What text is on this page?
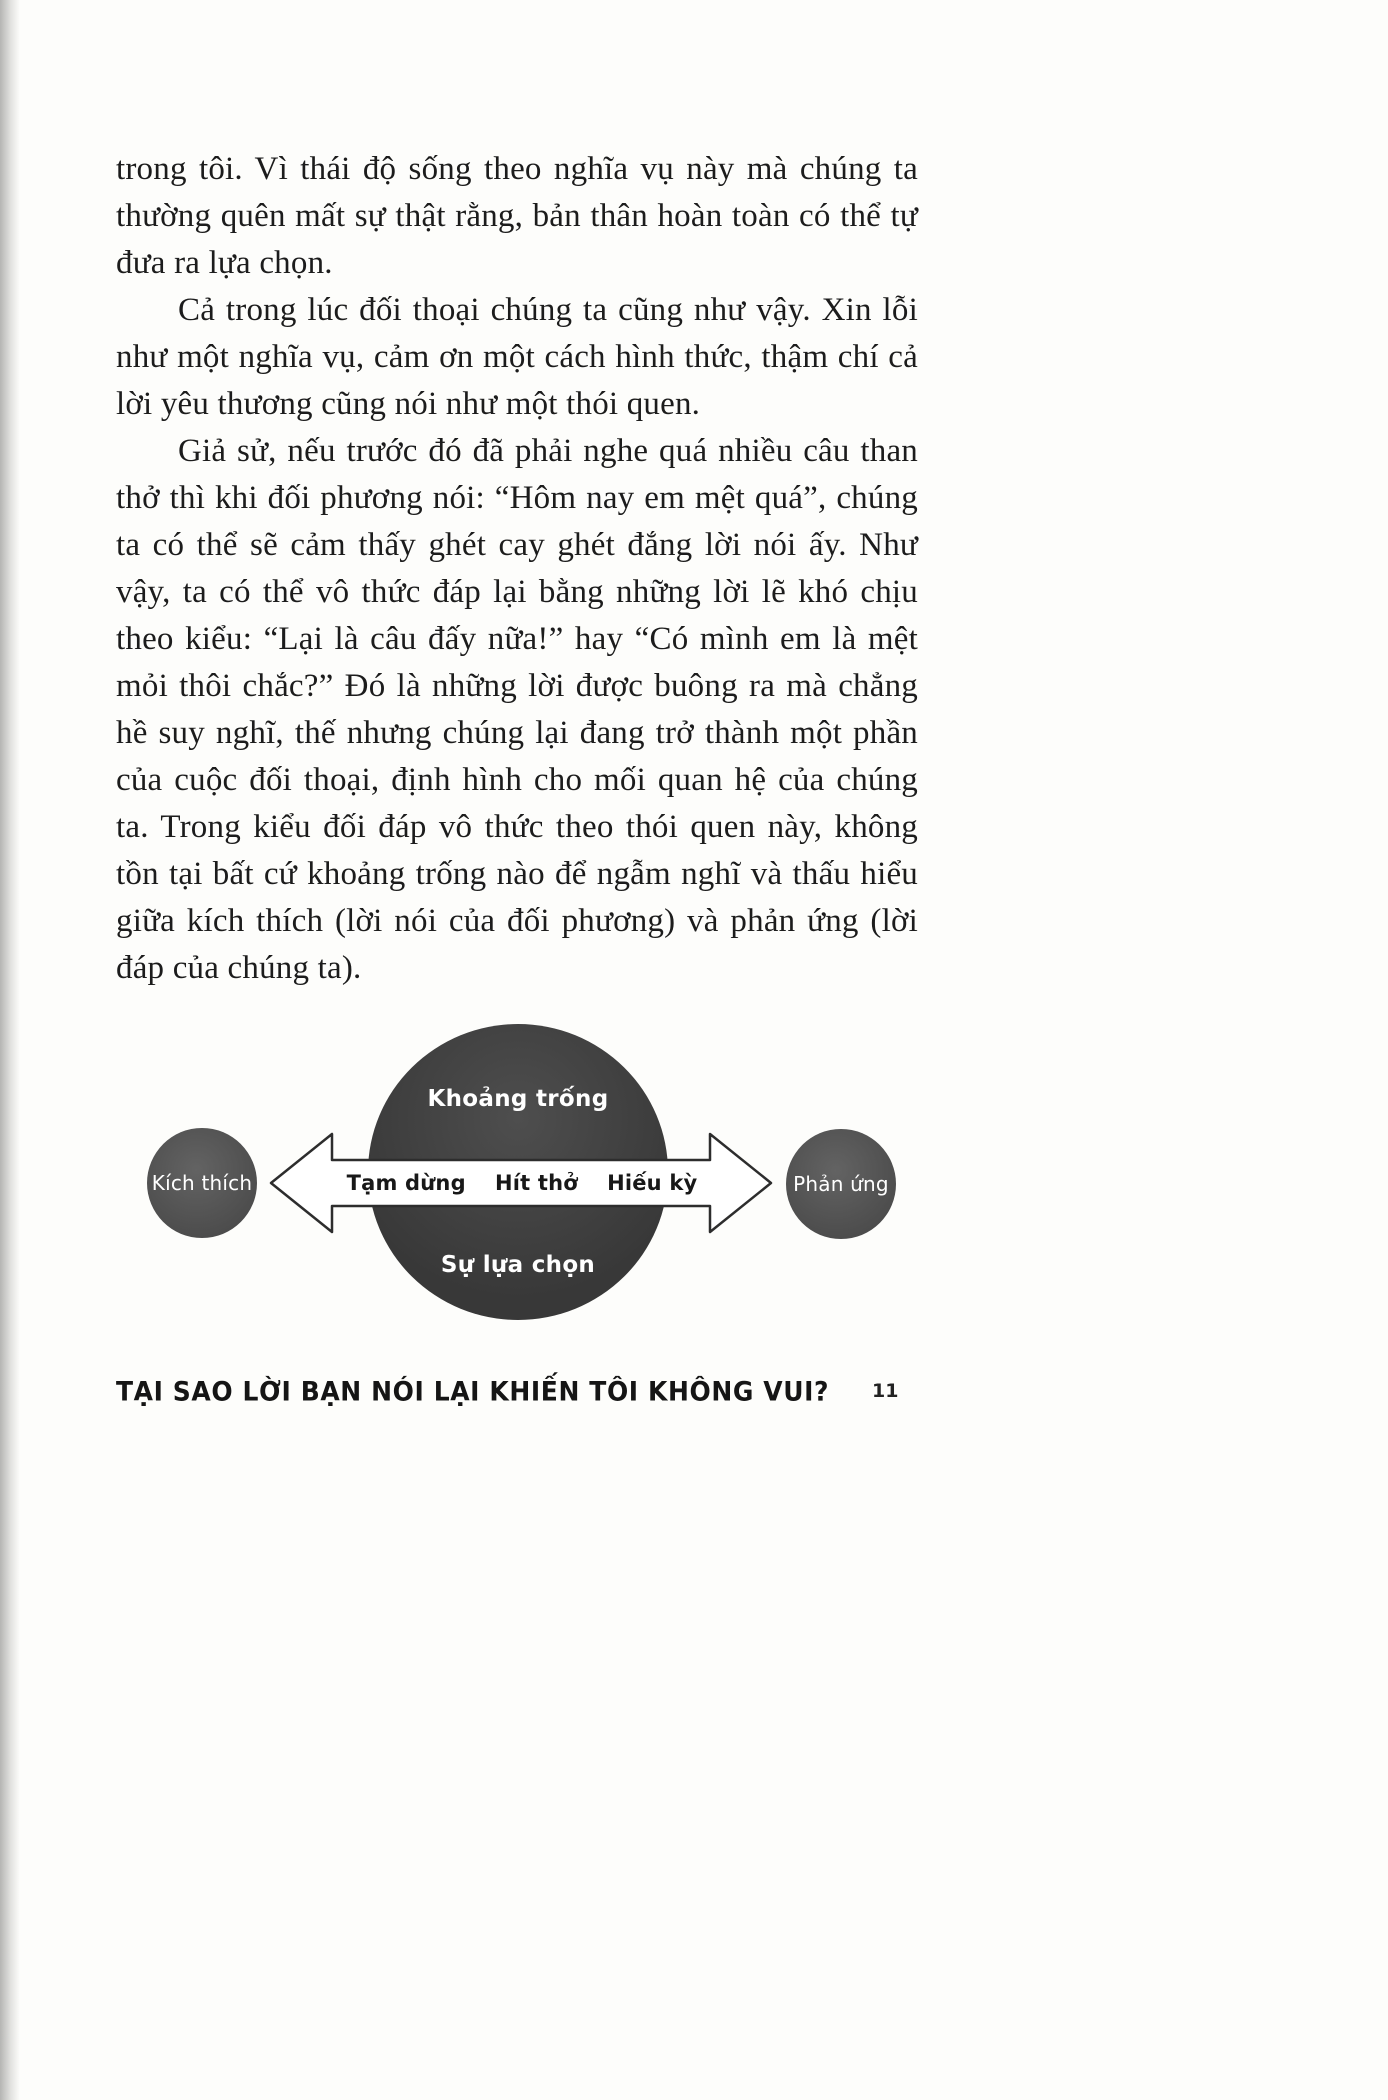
trong tôi. Vì thái độ sống theo nghĩa vụ này mà chúng ta thường quên mất sự thật rằng, bản thân hoàn toàn có thể tự đưa ra lựa chọn.

Cả trong lúc đối thoại chúng ta cũng như vậy. Xin lỗi như một nghĩa vụ, cảm ơn một cách hình thức, thậm chí cả lời yêu thương cũng nói như một thói quen.

Giả sử, nếu trước đó đã phải nghe quá nhiều câu than thở thì khi đối phương nói: “Hôm nay em mệt quá”, chúng ta có thể sẽ cảm thấy ghét cay ghét đắng lời nói ấy. Như vậy, ta có thể vô thức đáp lại bằng những lời lẽ khó chịu theo kiểu: “Lại là câu đấy nữa!” hay “Có mình em là mệt mỏi thôi chắc?” Đó là những lời được buông ra mà chẳng hề suy nghĩ, thế nhưng chúng lại đang trở thành một phần của cuộc đối thoại, định hình cho mối quan hệ của chúng ta. Trong kiểu đối đáp vô thức theo thói quen này, không tồn tại bất cứ khoảng trống nào để ngẫm nghĩ và thấu hiểu giữa kích thích (lời nói của đối phương) và phản ứng (lời đáp của chúng ta).

Khoảng trống
Sự lựa chọn
Tạm dừng Hít thở Hiếu kỳ
Kích thích	Phản ứng
TẠI SAO LỜI BẠN NÓI LẠI KHIẾN TÔI KHÔNG VUI? 11
